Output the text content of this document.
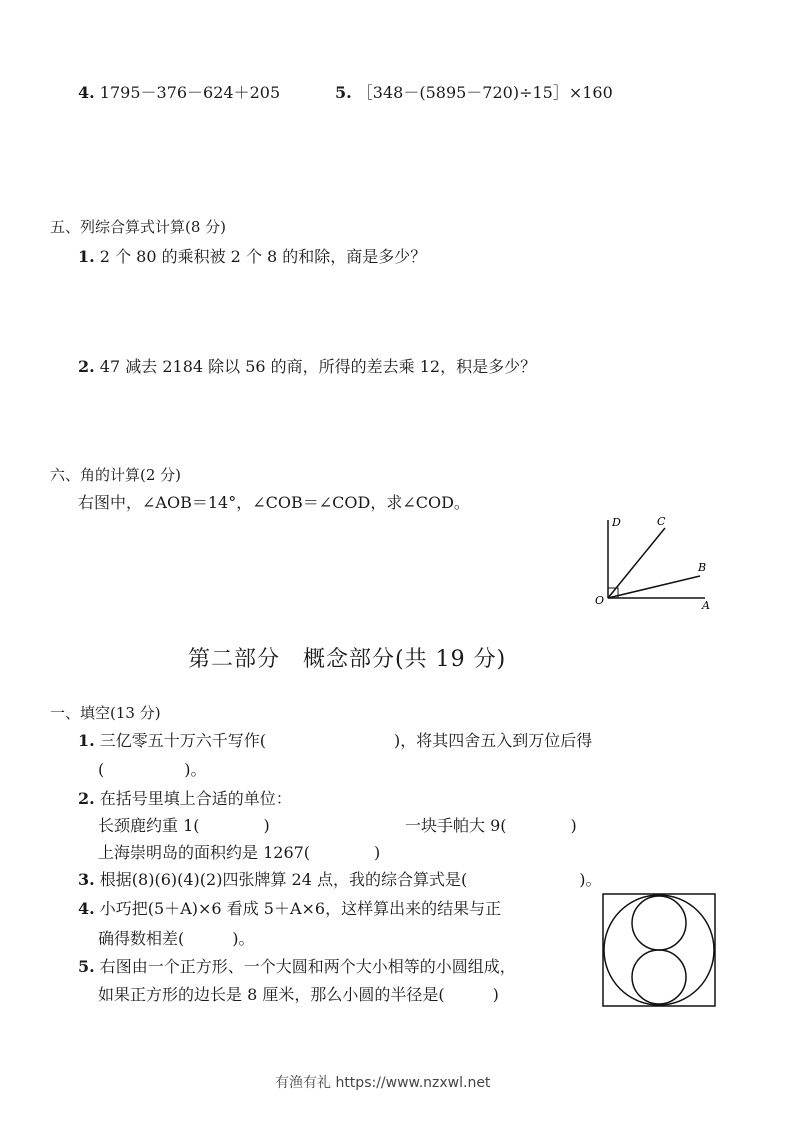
4. 1795－376－624＋205	5. ［348－(5895－720)÷15］×160
五、列综合算式计算(8 分)
1. 2 个 80 的乘积被 2 个 8 的和除，商是多少？
2. 47 减去 2184 除以 56 的商，所得的差去乘 12，积是多少？
六、角的计算(2 分)
右图中，∠AOB＝14°，∠COB＝∠COD，求∠COD。
D	C
B
O	A
第二部分　概念部分(共 19 分)
一、填空(13 分)
1. 三亿零五十万六千写作(　　　　　　　　)，将其四舍五入到万位后得
(　　　　　)。
2. 在括号里填上合适的单位：
长颈鹿约重 1(　　　　)	一块手帕大 9(　　　　)
上海崇明岛的面积约是 1267(　　　　)
3. 根据(8)(6)(4)(2)四张牌算 24 点，我的综合算式是(　　　　　　　)。
4. 小巧把(5＋A)×6 看成 5＋A×6，这样算出来的结果与正
确得数相差(　　　)。
5. 右图由一个正方形、一个大圆和两个大小相等的小圆组成，
如果正方形的边长是 8 厘米，那么小圆的半径是(　　　)
有渔有礼 https://www.nzxwl.net
